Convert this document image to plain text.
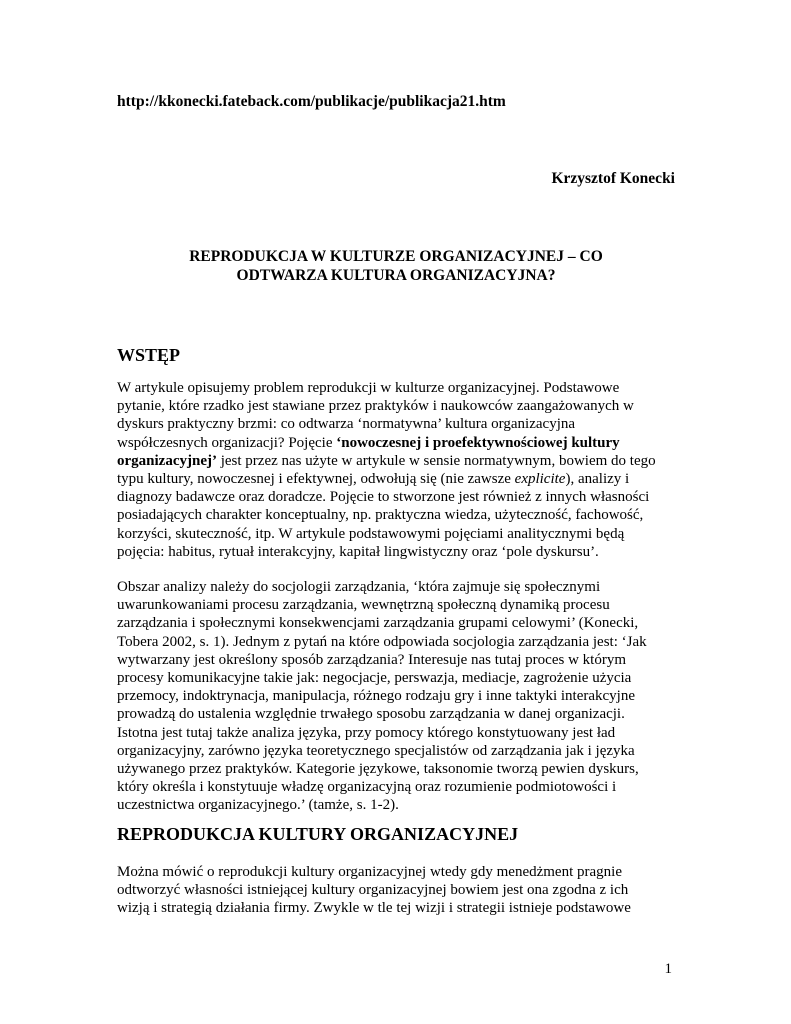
http://kkonecki.fateback.com/publikacje/publikacja21.htm

Krzysztof Konecki

REPRODUKCJA W KULTURZE ORGANIZACYJNEJ – CO
ODTWARZA KULTURA ORGANIZACYJNA?
WSTĘP

W artykule opisujemy problem reprodukcji w kulturze organizacyjnej. Podstawowe
pytanie, które rzadko jest stawiane przez praktyków i naukowców zaangażowanych w
dyskurs praktyczny brzmi: co odtwarza ‘normatywna’ kultura organizacyjna
współczesnych organizacji? Pojęcie ‘nowoczesnej i proefektywnościowej kultury
organizacyjnej’ jest przez nas użyte w artykule w sensie normatywnym, bowiem do tego
typu kultury, nowoczesnej i efektywnej, odwołują się (nie zawsze explicite), analizy i
diagnozy badawcze oraz doradcze. Pojęcie to stworzone jest również z innych własności
posiadających charakter konceptualny, np. praktyczna wiedza, użyteczność, fachowość,
korzyści, skuteczność, itp. W artykule podstawowymi pojęciami analitycznymi będą
pojęcia: habitus, rytuał interakcyjny, kapitał lingwistyczny oraz ‘pole dyskursu’.

Obszar analizy należy do socjologii zarządzania, ‘która zajmuje się społecznymi
uwarunkowaniami procesu zarządzania, wewnętrzną społeczną dynamiką procesu
zarządzania i społecznymi konsekwencjami zarządzania grupami celowymi’ (Konecki,
Tobera 2002, s. 1). Jednym z pytań na które odpowiada socjologia zarządzania jest: ‘Jak
wytwarzany jest określony sposób zarządzania? Interesuje nas tutaj proces w którym
procesy komunikacyjne takie jak: negocjacje, perswazja, mediacje, zagrożenie użycia
przemocy, indoktrynacja, manipulacja, różnego rodzaju gry i inne taktyki interakcyjne
prowadzą do ustalenia względnie trwałego sposobu zarządzania w danej organizacji.
Istotna jest tutaj także analiza języka, przy pomocy którego konstytuowany jest ład
organizacyjny, zarówno języka teoretycznego specjalistów od zarządzania jak i języka
używanego przez praktyków. Kategorie językowe, taksonomie tworzą pewien dyskurs,
który określa i konstytuuje władzę organizacyjną oraz rozumienie podmiotowości i
uczestnictwa organizacyjnego.’ (tamże, s. 1-2).

REPRODUKCJA KULTURY ORGANIZACYJNEJ

Można mówić o reprodukcji kultury organizacyjnej wtedy gdy menedżment pragnie
odtworzyć własności istniejącej kultury organizacyjnej bowiem jest ona zgodna z ich
wizją i strategią działania firmy. Zwykle w tle tej wizji i strategii istnieje podstawowe

1
